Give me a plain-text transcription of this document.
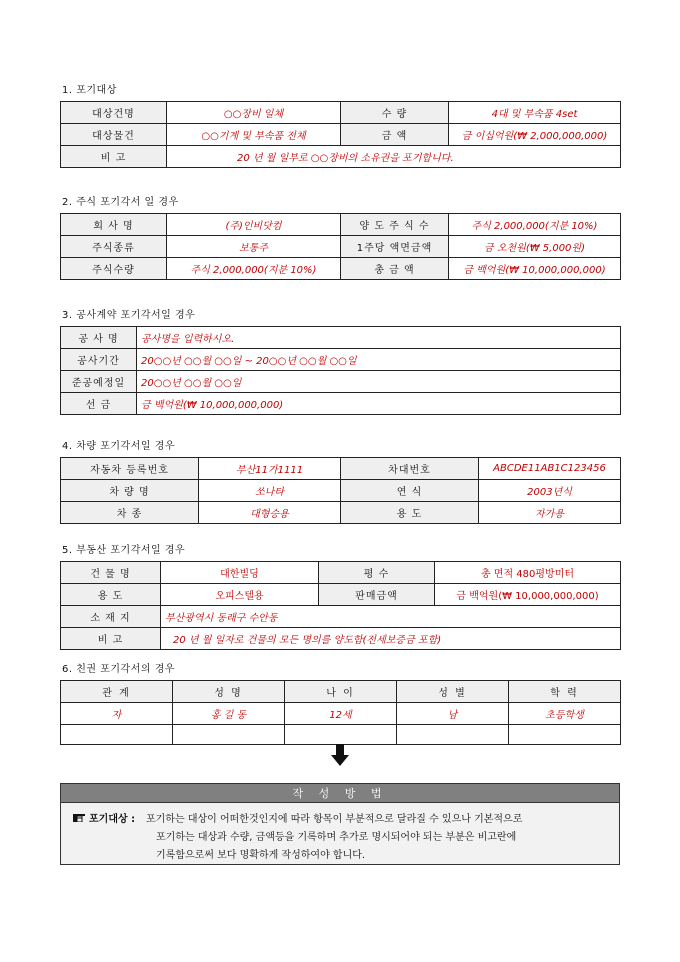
1. 포기대상
대상건명	○○장비 일체	수 량	4대 및 부속품 4set
대상물건	○○기계 및 부속품 전체	금 액	금 이십억원(₩ 2,000,000,000)
비 고	20 년 월 일부로 ○○장비의 소유권을 포기합니다.		
2. 주식 포기각서 일 경우
회 사 명	(주)인비닷컴	양 도 주 식 수	주식 2,000,000(지분 10%)
주식종류	보통주	1주당 액면금액	금 오천원(₩ 5,000원)
주식수량	주식 2,000,000(지분 10%)	총 금 액	금 백억원(₩ 10,000,000,000)
3. 공사계약 포기각서일 경우
공 사 명	공사명을 입력하시오.
공사기간	20○○년 ○○월 ○○일 ~ 20○○년 ○○월 ○○일
준공예정일	20○○년 ○○월 ○○일
선 금	금 백억원(₩ 10,000,000,000)
4. 차량 포기각서일 경우
자동차 등록번호	부산11가1111	차대번호	ABCDE11AB1C123456
차 량 명	쏘나타	연 식	2003년식
차 종	대형승용	용 도	자가용
5. 부동산 포기각서일 경우
건 물 명	대한빌딩	평 수	총 면적 480평방미터
용 도	오피스텔용	판매금액	금 백억원(₩ 10,000,000,000)
소 재 지	부산광역시 동래구 수안동		
비 고	20 년 월 일자로 건물의 모든 명의를 양도함(전세보증금 포함)		
6. 친권 포기각서의 경우
관 계	성 명	나 이	성 별	학 력
자	홍 길 동	12세	남	초등학생

작 성 방 법
포기대상 : 포기하는 대상이 어떠한것인지에 따라 항목이 부분적으로 달라질 수 있으나 기본적으로
포기하는 대상과 수량, 금액등을 기록하며 추가로 명시되어야 되는 부분은 비고란에
기록함으로써 보다 명확하게 작성하여야 합니다.
